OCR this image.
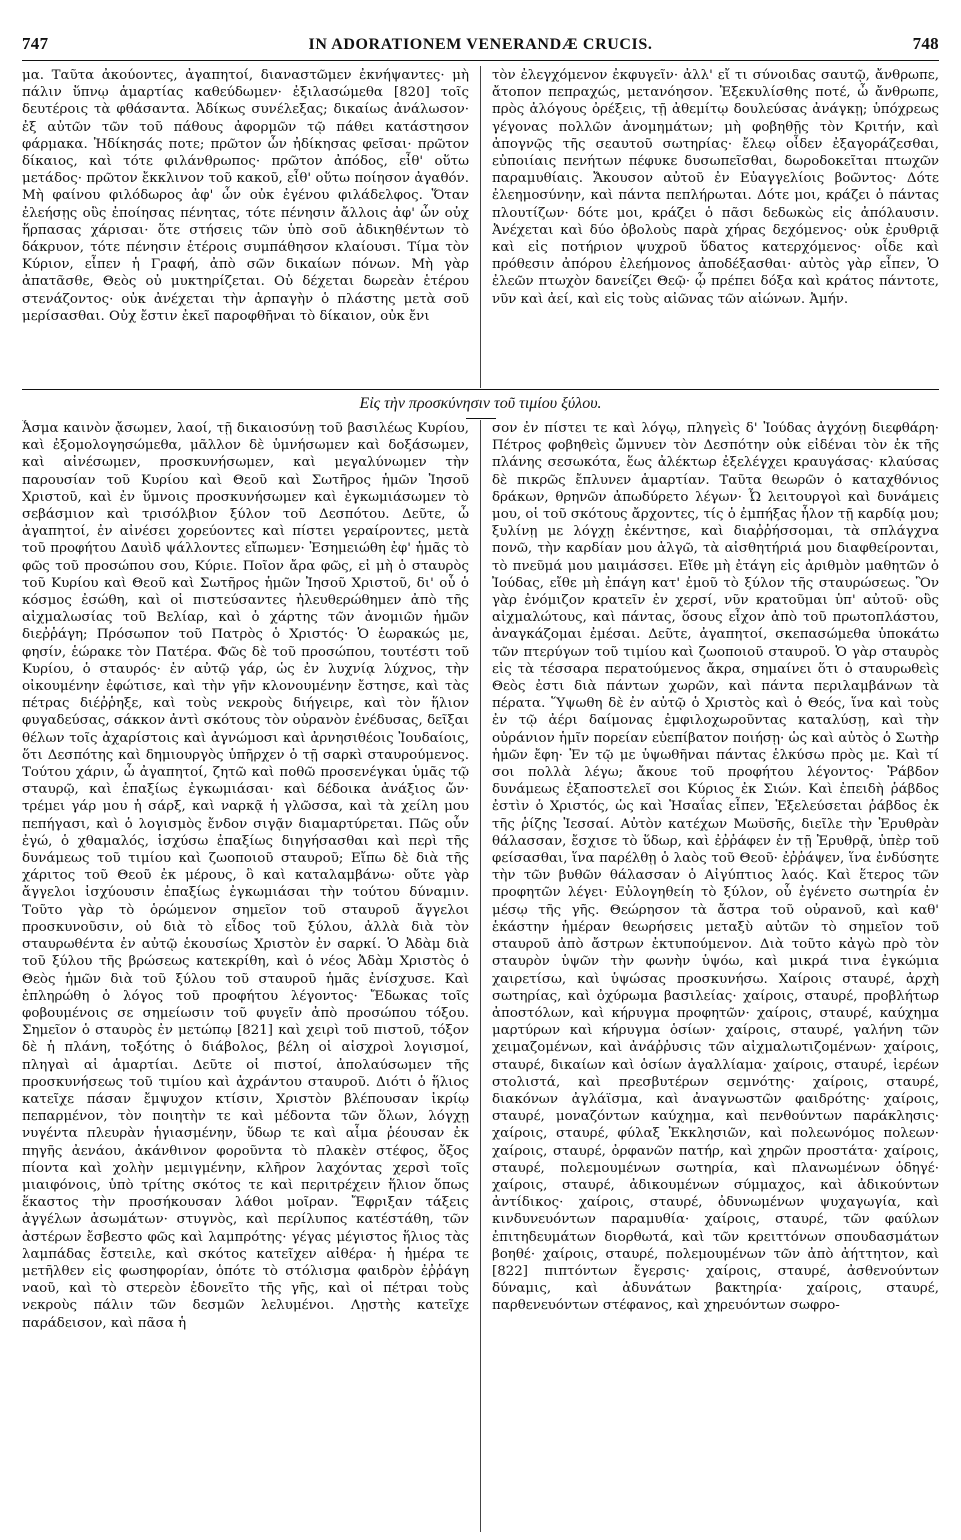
747	IN ADORATIONEM VENERANDÆ CRUCIS.	748

μα. Ταῦτα ἀκούοντες, ἀγαπητοί, διαναστῶμεν ἐκνήψαντες· μὴ πάλιν ὕπνῳ ἁμαρτίας καθεύδωμεν· ἐξιλασώμεθα [820] τοῖς δευτέροις τὰ φθάσαντα. Ἀδίκως συνέλεξας; δικαίως ἀνάλωσον· ἐξ αὐτῶν τῶν τοῦ πάθους ἀφορμῶν τῷ πάθει κατάστησον φάρμακα. Ἠδίκησάς ποτε; πρῶτον ὧν ἠδίκησας φεῖσαι· πρῶτον δίκαιος, καὶ τότε φιλάνθρωπος· πρῶτον ἀπόδος, εἶθ' οὕτω μετάδος· πρῶτον ἔκκλινον τοῦ κακοῦ, εἶθ' οὕτω ποίησον ἀγαθόν. Μὴ φαίνου φιλόδωρος ἀφ' ὧν οὐκ ἐγένου φιλάδελφος. Ὅταν ἐλεήσῃς οὓς ἐποίησας πένητας, τότε πένησιν ἄλλοις ἀφ' ὧν οὐχ ἥρπασας χάρισαι· ὅτε στήσεις τῶν ὑπὸ σοῦ ἀδικηθέντων τὸ δάκρυον, τότε πένησιν ἑτέροις συμπάθησον κλαίουσι. Τίμα τὸν Κύριον, εἶπεν ἡ Γραφή, ἀπὸ σῶν δικαίων πόνων. Μὴ γὰρ ἀπατᾶσθε, Θεὸς οὐ μυκτηρίζεται. Οὐ δέχεται δωρεὰν ἑτέρου στενάζοντος· οὐκ ἀνέχεται τὴν ἁρπαγὴν ὁ πλάστης μετὰ σοῦ μερίσασθαι. Οὐχ ἔστιν ἐκεῖ παροφθῆναι τὸ δίκαιον, οὐκ ἔνι

τὸν ἐλεγχόμενον ἐκφυγεῖν· ἀλλ' εἴ τι σύνοιδας σαυτῷ, ἄνθρωπε, ἄτοπον πεπραχώς, μετανόησον. Ἐξεκυλίσθης ποτέ, ὦ ἄνθρωπε, πρὸς ἀλόγους ὀρέξεις, τῇ ἀθεμίτῳ δουλεύσας ἀνάγκῃ; ὑπόχρεως γέγονας πολλῶν ἀνομημάτων; μὴ φοβηθῇς τὸν Κριτήν, καὶ ἀπογνῷς τῆς σεαυτοῦ σωτηρίας· ἔλεῳ οἶδεν ἐξαγοράζεσθαι, εὐποιίαις πενήτων πέφυκε δυσωπεῖσθαι, δωροδοκεῖται πτωχῶν παραμυθίαις. Ἄκουσον αὐτοῦ ἐν Εὐαγγελίοις βοῶντος· Δότε ἐλεημοσύνην, καὶ πάντα πεπλήρωται. Δότε μοι, κράζει ὁ πάντας πλουτίζων· δότε μοι, κράζει ὁ πᾶσι δεδωκὼς εἰς ἀπόλαυσιν. Ἀνέχεται καὶ δύο ὀβολοὺς παρὰ χήρας δεχόμενος· οὐκ ἐρυθριᾷ καὶ εἰς ποτήριον ψυχροῦ ὕδατος κατερχόμενος· οἶδε καὶ πρόθεσιν ἀπόρου ἐλεήμονος ἀποδέξασθαι· αὐτὸς γὰρ εἶπεν, Ὁ ἐλεῶν πτωχὸν δανείζει Θεῷ· ᾧ πρέπει δόξα καὶ κράτος πάντοτε, νῦν καὶ ἀεί, καὶ εἰς τοὺς αἰῶνας τῶν αἰώνων. Ἀμήν.

Εἰς τὴν προσκύνησιν τοῦ τιμίου ξύλου.

Ἆσμα καινὸν ᾄσωμεν, λαοί, τῇ δικαιοσύνῃ τοῦ βασιλέως Κυρίου, καὶ ἐξομολογησώμεθα, μᾶλλον δὲ ὑμνήσωμεν καὶ δοξάσωμεν, καὶ αἰνέσωμεν, προσκυνήσωμεν, καὶ μεγαλύνωμεν τὴν παρουσίαν τοῦ Κυρίου καὶ Θεοῦ καὶ Σωτῆρος ἡμῶν Ἰησοῦ Χριστοῦ, καὶ ἐν ὕμνοις προσκυνήσωμεν καὶ ἐγκωμιάσωμεν τὸ σεβάσμιον καὶ τρισόλβιον ξύλον τοῦ Δεσπότου. Δεῦτε, ὦ ἀγαπητοί, ἐν αἰνέσει χορεύοντες καὶ πίστει γεραίροντες, μετὰ τοῦ προφήτου Δαυὶδ ψάλλοντες εἴπωμεν· Ἐσημειώθη ἐφ' ἡμᾶς τὸ φῶς τοῦ προσώπου σου, Κύριε. Ποῖον ἄρα φῶς, εἰ μὴ ὁ σταυρὸς τοῦ Κυρίου καὶ Θεοῦ καὶ Σωτῆρος ἡμῶν Ἰησοῦ Χριστοῦ, δι' οὗ ὁ κόσμος ἐσώθη, καὶ οἱ πιστεύσαντες ἠλευθερώθημεν ἀπὸ τῆς αἰχμαλωσίας τοῦ Βελίαρ, καὶ ὁ χάρτης τῶν ἀνομιῶν ἡμῶν διεῤῥάγη; Πρόσωπον τοῦ Πατρὸς ὁ Χριστός· Ὁ ἑωρακώς με, φησίν, ἑώρακε τὸν Πατέρα. Φῶς δὲ τοῦ προσώπου, τουτέστι τοῦ Κυρίου, ὁ σταυρός· ἐν αὐτῷ γάρ, ὡς ἐν λυχνίᾳ λύχνος, τὴν οἰκουμένην ἐφώτισε, καὶ τὴν γῆν κλονουμένην ἔστησε, καὶ τὰς πέτρας διέῤῥηξε, καὶ τοὺς νεκροὺς διήγειρε, καὶ τὸν ἥλιον φυγαδεύσας, σάκκον ἀντὶ σκότους τὸν οὐρανὸν ἐνέδυσας, δεῖξαι θέλων τοῖς ἀχαρίστοις καὶ ἀγνώμοσι καὶ ἀρνησιθέοις Ἰουδαίοις, ὅτι Δεσπότης καὶ δημιουργὸς ὑπῆρχεν ὁ τῇ σαρκὶ σταυρούμενος. Τούτου χάριν, ὦ ἀγαπητοί, ζητῶ καὶ ποθῶ προσενέγκαι ὑμᾶς τῷ σταυρῷ, καὶ ἐπαξίως ἐγκωμιάσαι· καὶ δέδοικα ἀνάξιος ὤν· τρέμει γάρ μου ἡ σάρξ, καὶ ναρκᾷ ἡ γλῶσσα, καὶ τὰ χείλη μου πεπήγασι, καὶ ὁ λογισμὸς ἔνδον σιγᾷν διαμαρτύρεται. Πῶς οὖν ἐγώ, ὁ χθαμαλός, ἰσχύσω ἐπαξίως διηγήσασθαι καὶ περὶ τῆς δυνάμεως τοῦ τιμίου καὶ ζωοποιοῦ σταυροῦ; Εἴπω δὲ διὰ τῆς χάριτος τοῦ Θεοῦ ἐκ μέρους, ὃ καὶ καταλαμβάνω· οὔτε γὰρ ἄγγελοι ἰσχύουσιν ἐπαξίως ἐγκωμιάσαι τὴν τούτου δύναμιν. Τοῦτο γὰρ τὸ ὁρώμενον σημεῖον τοῦ σταυροῦ ἄγγελοι προσκυνοῦσιν, οὐ διὰ τὸ εἶδος τοῦ ξύλου, ἀλλὰ διὰ τὸν σταυρωθέντα ἐν αὐτῷ ἑκουσίως Χριστὸν ἐν σαρκί. Ὁ Ἀδὰμ διὰ τοῦ ξύλου τῆς βρώσεως κατεκρίθη, καὶ ὁ νέος Ἀδὰμ Χριστὸς ὁ Θεὸς ἡμῶν διὰ τοῦ ξύλου τοῦ σταυροῦ ἡμᾶς ἐνίσχυσε. Καὶ ἐπληρώθη ὁ λόγος τοῦ προφήτου λέγοντος· Ἔδωκας τοῖς φοβουμένοις σε σημείωσιν τοῦ φυγεῖν ἀπὸ προσώπου τόξου. Σημεῖον ὁ σταυρὸς ἐν μετώπῳ [821] καὶ χειρὶ τοῦ πιστοῦ, τόξον δὲ ἡ πλάνη, τοξότης ὁ διάβολος, βέλη οἱ αἰσχροὶ λογισμοί, πληγαὶ αἱ ἁμαρτίαι. Δεῦτε οἱ πιστοί, ἀπολαύσωμεν τῆς προσκυνήσεως τοῦ τιμίου καὶ ἀχράντου σταυροῦ. Διότι ὁ ἥλιος κατεῖχε πάσαν ἔμψυχον κτίσιν, Χριστὸν βλέπουσαν ἰκρίῳ πεπαρμένον, τὸν ποιητὴν τε καὶ μέδοντα τῶν ὅλων, λόγχῃ νυγέντα πλευρὰν ἡγιασμένην, ὕδωρ τε καὶ αἷμα ῥέουσαν ἐκ πηγῆς ἀενάου, ἀκάνθινον φοροῦντα τὸ πλακὲν στέφος, ὄξος πίοντα καὶ χολὴν μεμιγμένην, κλῆρον λαχόντας χερσὶ τοῖς μιαιφόνοις, ὑπὸ τρίτης σκότος τε καὶ περιτρέχειν ἥλιον ὅπως ἕκαστος τὴν προσήκουσαν λάθοι μοῖραν. Ἔφριξαν τάξεις ἀγγέλων ἀσωμάτων· στυγνὸς, καὶ περίλυπος κατέστάθη, τῶν ἀστέρων ἔσβεστο φῶς καὶ λαμπρότης· γέγας μέγιστος ἥλιος τὰς λαμπάδας ἔστειλε, καὶ σκότος κατεῖχεν αἰθέρα· ἡ ἡμέρα τε μετῆλθεν εἰς φωσηφορίαν, ὁπότε τὸ στόλισμα φαιδρὸν ἐῤῥάγη ναοῦ, καὶ τὸ στερεὸν ἐδονεῖτο τῆς γῆς, καὶ οἱ πέτραι τοὺς νεκροὺς πάλιν τῶν δεσμῶν λελυμένοι. Λῃστὴς κατεῖχε παράδεισον, καὶ πᾶσα ἡ

σον ἐν πίστει τε καὶ λόγῳ, πληγεὶς δ' Ἰούδας ἀγχόνῃ διεφθάρη· Πέτρος φοβηθεὶς ὤμνυεν τὸν Δεσπότην οὐκ εἰδέναι τὸν ἐκ τῆς πλάνης σεσωκότα, ἕως ἀλέκτωρ ἐξελέγχει κραυγάσας· κλαύσας δὲ πικρῶς ἔπλυνεν ἁμαρτίαν. Ταῦτα θεωρῶν ὁ καταχθόνιος δράκων, θρηνῶν ἀπωδύρετο λέγων· Ὦ λειτουργοὶ καὶ δυνάμεις μου, οἱ τοῦ σκότους ἄρχοντες, τίς ὁ ἐμπήξας ἧλον τῇ καρδίᾳ μου; ξυλίνῃ με λόγχῃ ἐκέντησε, καὶ διαῤῥήσσομαι, τὰ σπλάγχνα πονῶ, τὴν καρδίαν μου ἀλγῶ, τὰ αἰσθητήριά μου διαφθείρονται, τὸ πνεῦμά μου μαιμάσσει. Εἴθε μὴ ἐτάγη εἰς ἀριθμὸν μαθητῶν ὁ Ἰούδας, εἴθε μὴ ἐπάγη κατ' ἐμοῦ τὸ ξύλον τῆς σταυρώσεως. Ὃν γὰρ ἐνόμιζον κρατεῖν ἐν χερσί, νῦν κρατοῦμαι ὑπ' αὐτοῦ· οὓς αἰχμαλώτους, καὶ πάντας, ὅσους εἶχον ἀπὸ τοῦ πρωτοπλάστου, ἀναγκάζομαι ἐμέσαι. Δεῦτε, ἀγαπητοί, σκεπασώμεθα ὑποκάτω τῶν πτερύγων τοῦ τιμίου καὶ ζωοποιοῦ σταυροῦ. Ὁ γὰρ σταυρὸς εἰς τὰ τέσσαρα περατούμενος ἄκρα, σημαίνει ὅτι ὁ σταυρωθεὶς Θεὸς ἐστι διὰ πάντων χωρῶν, καὶ πάντα περιλαμβάνων τὰ πέρατα. Ὕψωθη δὲ ἐν αὐτῷ ὁ Χριστὸς καὶ ὁ Θεός, ἵνα καὶ τοὺς ἐν τῷ ἀέρι δαίμονας ἐμφιλοχωροῦντας καταλύσῃ, καὶ τὴν οὐράνιον ἡμῖν πορείαν εὐεπίβατον ποιήσῃ· ὡς καὶ αὐτὸς ὁ Σωτὴρ ἡμῶν ἔφη· Ἐν τῷ με ὑψωθῆναι πάντας ἑλκύσω πρὸς με. Καὶ τί σοι πολλὰ λέγω; ἄκουε τοῦ προφήτου λέγοντος· Ῥάβδον δυνάμεως ἐξαποστελεῖ σοι Κύριος ἐκ Σιών. Καὶ ἐπειδὴ ῥάβδος ἐστὶν ὁ Χριστός, ὡς καὶ Ἡσαΐας εἶπεν, Ἐξελεύσεται ῥάβδος ἐκ τῆς ῥίζης Ἰεσσαί. Αὐτὸν κατέχων Μωϋσῆς, διεῖλε τὴν Ἐρυθρὰν θάλασσαν, ἔσχισε τὸ ὕδωρ, καὶ ἐῤῥάφεν ἐν τῇ Ἐρυθρᾷ, ὑπὲρ τοῦ φείσασθαι, ἵνα παρέλθῃ ὁ λαὸς τοῦ Θεοῦ· ἐῤῥάψεν, ἵνα ἐνδύσητε τὴν τῶν βυθῶν θάλασσαν ὁ Αἰγύπτιος λαός. Καὶ ἕτερος τῶν προφητῶν λέγει· Εὐλογηθείη τὸ ξύλον, οὗ ἐγένετο σωτηρία ἐν μέσῳ τῆς γῆς. Θεώρησον τὰ ἄστρα τοῦ οὐρανοῦ, καὶ καθ' ἑκάστην ἡμέραν θεωρήσεις μεταξὺ αὐτῶν τὸ σημεῖον τοῦ σταυροῦ ἀπὸ ἄστρων ἐκτυπούμενον. Διὰ τοῦτο κἀγὼ πρὸ τὸν σταυρὸν ὑψῶν τὴν φωνὴν ὑψόω, καὶ μικρά τινα ἐγκώμια χαιρετίσω, καὶ ὑψώσας προσκυνήσω. Χαίροις σταυρέ, ἀρχὴ σωτηρίας, καὶ ὀχύρωμα βασιλείας· χαίροις, σταυρέ, προβλήτωρ ἀποστόλων, καὶ κήρυγμα προφητῶν· χαίροις, σταυρέ, καύχημα μαρτύρων καὶ κήρυγμα ὁσίων· χαίροις, σταυρέ, γαλήνη τῶν χειμαζομένων, καὶ ἀνάῤῥυσις τῶν αἰχμαλωτιζομένων· χαίροις, σταυρέ, δικαίων καὶ ὁσίων ἀγαλλίαμα· χαίροις, σταυρέ, ἱερέων στολιστά, καὶ πρεσβυτέρων σεμνότης· χαίροις, σταυρέ, διακόνων ἀγλάϊσμα, καὶ ἀναγνωστῶν φαιδρότης· χαίροις, σταυρέ, μοναζόντων καύχημα, καὶ πενθούντων παράκλησις· χαίροις, σταυρέ, φύλαξ Ἐκκλησιῶν, καὶ πολεωνόμος πολεων· χαίροις, σταυρέ, ὀρφανῶν πατήρ, καὶ χηρῶν προστάτα· χαίροις, σταυρέ, πολεμουμένων σωτηρία, καὶ πλανωμένων ὁδηγέ· χαίροις, σταυρέ, ἀδικουμένων σύμμαχος, καὶ ἀδικούντων ἀντίδικος· χαίροις, σταυρέ, ὀδυνωμένων ψυχαγωγία, καὶ κινδυνευόντων παραμυθία· χαίροις, σταυρέ, τῶν φαύλων ἐπιτηδευμάτων διορθωτά, καὶ τῶν κρειττόνων σπουδασμάτων βοηθέ· χαίροις, σταυρέ, πολεμουμένων τῶν ἀπὸ ἀήττητον, καὶ [822] πιπτόντων ἔγερσις· χαίροις, σταυρέ, ἀσθενούντων δύναμις, καὶ ἀδυνάτων βακτηρία· χαίροις, σταυρέ, παρθενευόντων στέφανος, καὶ χηρευόντων σωφρο-
